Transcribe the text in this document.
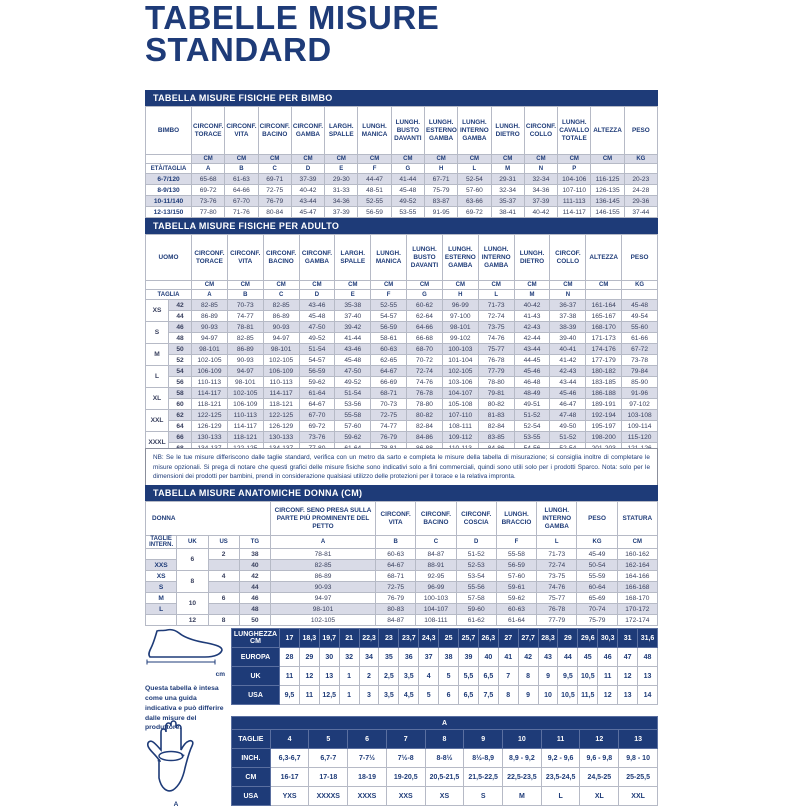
TABELLE MISURE
STANDARD
TABELLA MISURE FISICHE PER BIMBO
BIMBO	CIRCONF. TORACE	CIRCONF. VITA	CIRCONF. BACINO	CIRCONF. GAMBA	LARGH. SPALLE	LUNGH. MANICA	LUNGH. BUSTO DAVANTI	LUNGH. ESTERNO GAMBA	LUNGH. INTERNO GAMBA	LUNGH. DIETRO	CIRCONF. COLLO	LUNGH. CAVALLO TOTALE	ALTEZZA	PESO
	CM	CM	CM	CM	CM	CM	CM	CM	CM	CM	CM	CM	CM	KG
ETÀ/TAGLIA	A	B	C	D	E	F	G	H	L	M	N	P		
6-7/120	65-68	61-63	69-71	37-39	29-30	44-47	41-44	67-71	52-54	29-31	32-34	104-106	116-125	20-23
8-9/130	69-72	64-66	72-75	40-42	31-33	48-51	45-48	75-79	57-60	32-34	34-36	107-110	126-135	24-28
10-11/140	73-76	67-70	76-79	43-44	34-36	52-55	49-52	83-87	63-66	35-37	37-39	111-113	136-145	29-36
12-13/150	77-80	71-76	80-84	45-47	37-39	56-59	53-55	91-95	69-72	38-41	40-42	114-117	146-155	37-44
TABELLA MISURE FISICHE PER ADULTO
UOMO		CIRCONF. TORACE	CIRCONF. VITA	CIRCONF. BACINO	CIRCONF. GAMBA	LARGH. SPALLE	LUNGH. MANICA	LUNGH. BUSTO DAVANTI	LUNGH. ESTERNO GAMBA	LUNGH. INTERNO GAMBA	LUNGH. DIETRO	CIRCOF. COLLO	ALTEZZA	PESO
		CM	CM	CM	CM	CM	CM	CM	CM	CM	CM	CM	CM	KG
TAGLIA		A	B	C	D	E	F	G	H	L	M	N		
XS	42	82-85	70-73	82-85	43-46	35-38	52-55	60-62	96-99	71-73	40-42	36-37	161-164	45-48
	44	86-89	74-77	86-89	45-48	37-40	54-57	62-64	97-100	72-74	41-43	37-38	165-167	49-54
S	46	90-93	78-81	90-93	47-50	39-42	56-59	64-66	98-101	73-75	42-43	38-39	168-170	55-60
	48	94-97	82-85	94-97	49-52	41-44	58-61	66-68	99-102	74-76	42-44	39-40	171-173	61-66
M	50	98-101	86-89	98-101	51-54	43-46	60-63	68-70	100-103	75-77	43-44	40-41	174-176	67-72
	52	102-105	90-93	102-105	54-57	45-48	62-65	70-72	101-104	76-78	44-45	41-42	177-179	73-78
L	54	106-109	94-97	106-109	56-59	47-50	64-67	72-74	102-105	77-79	45-46	42-43	180-182	79-84
	56	110-113	98-101	110-113	59-62	49-52	66-69	74-76	103-106	78-80	46-48	43-44	183-185	85-90
XL	58	114-117	102-105	114-117	61-64	51-54	68-71	76-78	104-107	79-81	48-49	45-46	186-188	91-96
	60	118-121	106-109	118-121	64-67	53-56	70-73	78-80	105-108	80-82	49-51	46-47	189-191	97-102
XXL	62	122-125	110-113	122-125	67-70	55-58	72-75	80-82	107-110	81-83	51-52	47-48	192-194	103-108
	64	126-129	114-117	126-129	69-72	57-60	74-77	82-84	108-111	82-84	52-54	49-50	195-197	109-114
XXXL	66	130-133	118-121	130-133	73-76	59-62	76-79	84-86	109-112	83-85	53-55	51-52	198-200	115-120

NB: Se le tue misure differiscono dalle taglie standard, verifica con un metro da sarto e completa le misure della tabella di misurazione; si consiglia inoltre di completare le misure opzionali. Si prega di notare che questi grafici delle misure fisiche sono indicativi solo a fini commerciali, quindi sono utili solo per i prodotti Sparco. Nota: solo per le dimensioni dei prodotti per bambini, prendi in considerazione qualsiasi utilizzo delle protezioni per il torace e la relativa impronta.
TABELLA MISURE ANATOMICHE DONNA (CM)
DONNA				CIRCONF. SENO PRESA SULLA PARTE PIÙ PROMINENTE DEL PETTO	CIRCONF. VITA	CIRCONF. BACINO	CIRCONF. COSCIA	LUNGH. BRACCIO	LUNGH. INTERNO GAMBA	PESO	STATURA
TAGLIE INTERN.	UK	US	TG	A	B	C	D	F	L	KG	CM
	6	2	38	78-81	60-63	84-87	51-52	55-58	71-73	45-49	160-162
XXS			40	82-85	64-67	88-91	52-53	56-59	72-74	50-54	162-164
XS	8	4	42	86-89	68-71	92-95	53-54	57-60	73-75	55-59	164-166
S			44	90-93	72-75	96-99	55-56	59-61	74-76	60-64	166-168
M	10	6	46	94-97	76-79	100-103	57-58	59-62	75-77	65-69	168-170
L			48	98-101	80-83	104-107	59-60	60-63	76-78	70-74	170-172
	12	8	50	102-105	84-87	108-111	61-62	61-64	77-79	75-79	172-174
cm

Questa tabella è intesa come una guida indicativa e può differire dalle misure del produttore.

LUNGHEZZA CM	17	18,3	19,7	21	22,3	23	23,7	24,3	25	25,7	26,3	27	27,7	28,3	29	29,6	30,3	31	31,6
EUROPA	28	29	30	32	34	35	36	37	38	39	40	41	42	43	44	45	46	47	48
UK	11	12	13	1	2	2,5	3,5	4	5	5,5	6,5	7	8	9	9,5	10,5	11	12	13
USA	9,5	11	12,5	1	3	3,5	4,5	5	6	6,5	7,5	8	9	10	10,5	11,5	12	13	14
A
A										
TAGLIE	4	5	6	7	8	9	10	11	12	13
INCH.	6,3-6,7	6,7-7	7-7½	7½-8	8-8½	8½-8,9	8,9 - 9,2	9,2 - 9,6	9,6 - 9,8	9,8 - 10
CM	16-17	17-18	18-19	19-20,5	20,5-21,5	21,5-22,5	22,5-23,5	23,5-24,5	24,5-25	25-25,5
USA	YXS	XXXXS	XXXS	XXS	XS	S	M	L	XL	XXL
